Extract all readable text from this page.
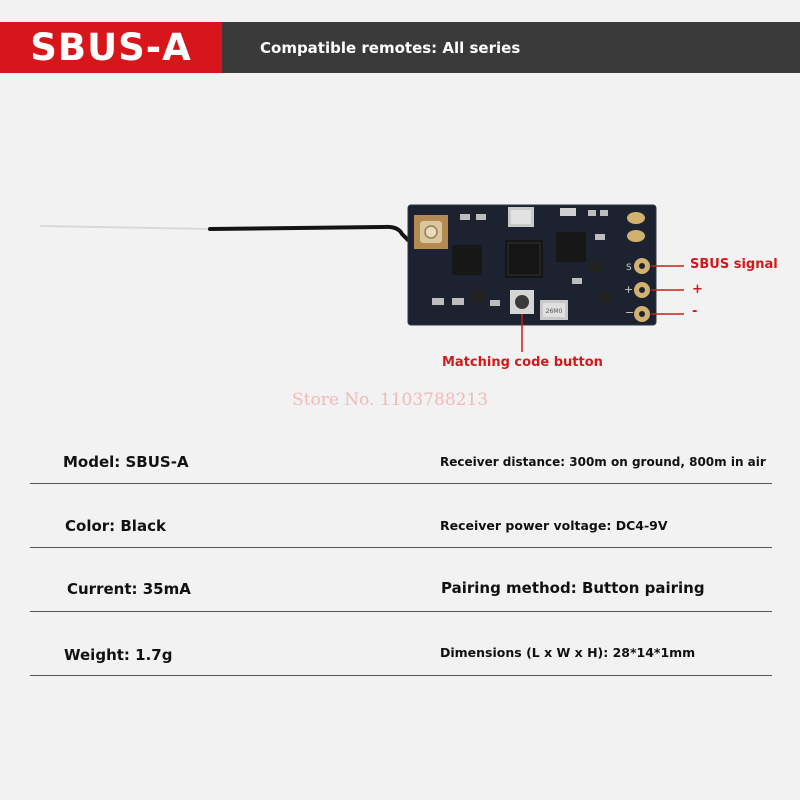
SBUS-A	Compatible remotes: All series
26M0
S
+
−
SBUS signal
+
-
Matching code button
Store No. 1103788213
Model: SBUS-A	Receiver distance: 300m on ground, 800m in air
Color: Black	Receiver power voltage: DC4-9V
Current: 35mA	Pairing method: Button pairing
Weight: 1.7g	Dimensions (L x W x H): 28*14*1mm
